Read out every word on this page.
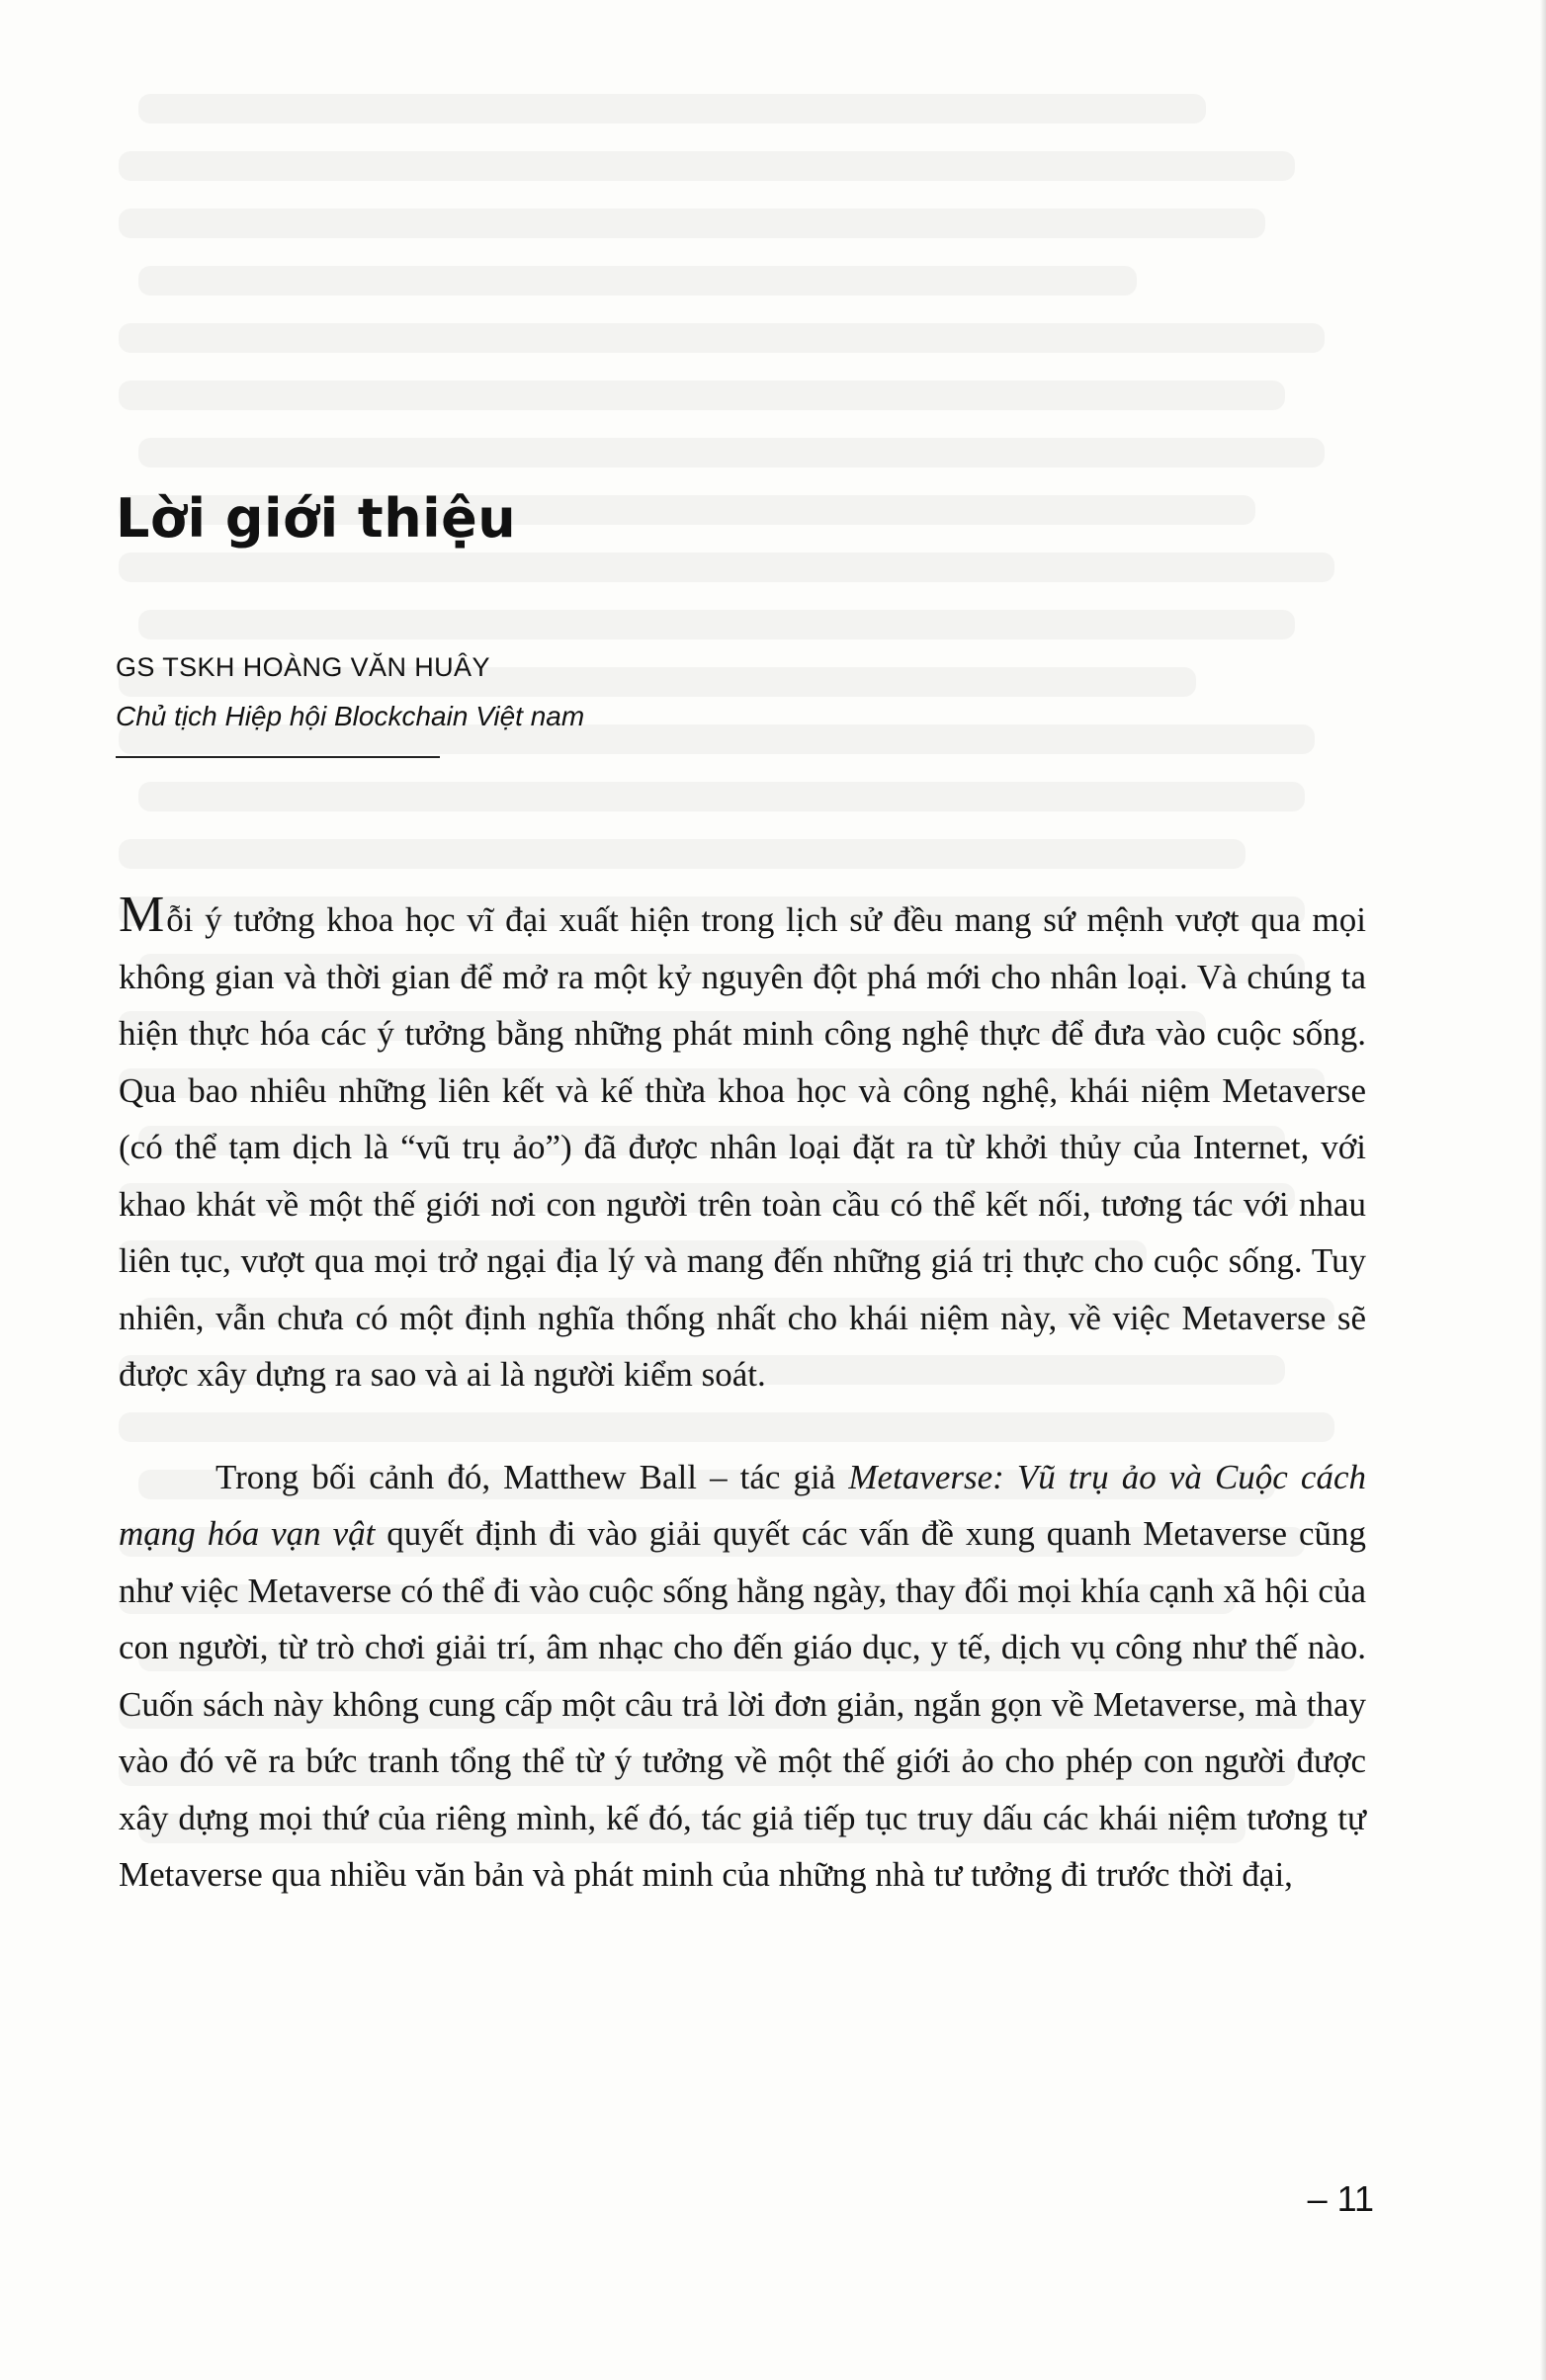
Lời giới thiệu

GS TSKH HOÀNG VĂN HUÂY

Chủ tịch Hiệp hội Blockchain Việt nam

Mỗi ý tưởng khoa học vĩ đại xuất hiện trong lịch sử đều mang sứ mệnh vượt qua mọi không gian và thời gian để mở ra một kỷ nguyên đột phá mới cho nhân loại. Và chúng ta hiện thực hóa các ý tưởng bằng những phát minh công nghệ thực để đưa vào cuộc sống. Qua bao nhiêu những liên kết và kế thừa khoa học và công nghệ, khái niệm Metaverse (có thể tạm dịch là “vũ trụ ảo”) đã được nhân loại đặt ra từ khởi thủy của Internet, với khao khát về một thế giới nơi con người trên toàn cầu có thể kết nối, tương tác với nhau liên tục, vượt qua mọi trở ngại địa lý và mang đến những giá trị thực cho cuộc sống. Tuy nhiên, vẫn chưa có một định nghĩa thống nhất cho khái niệm này, về việc Metaverse sẽ được xây dựng ra sao và ai là người kiểm soát.

Trong bối cảnh đó, Matthew Ball – tác giả Metaverse: Vũ trụ ảo và Cuộc cách mạng hóa vạn vật quyết định đi vào giải quyết các vấn đề xung quanh Metaverse cũng như việc Metaverse có thể đi vào cuộc sống hằng ngày, thay đổi mọi khía cạnh xã hội của con người, từ trò chơi giải trí, âm nhạc cho đến giáo dục, y tế, dịch vụ công như thế nào. Cuốn sách này không cung cấp một câu trả lời đơn giản, ngắn gọn về Metaverse, mà thay vào đó vẽ ra bức tranh tổng thể từ ý tưởng về một thế giới ảo cho phép con người được xây dựng mọi thứ của riêng mình, kế đó, tác giả tiếp tục truy dấu các khái niệm tương tự Metaverse qua nhiều văn bản và phát minh của những nhà tư tưởng đi trước thời đại,

– 11
